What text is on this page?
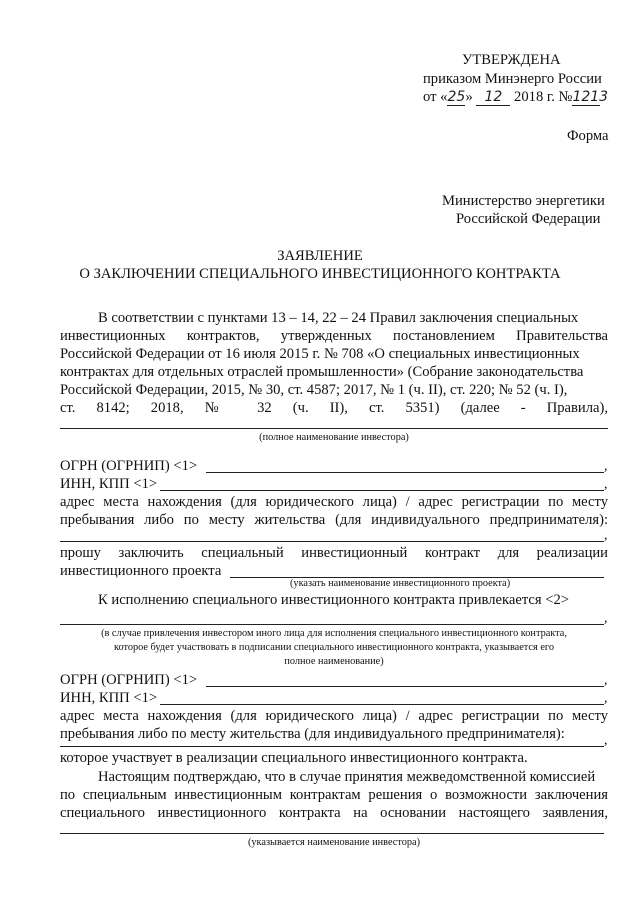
УТВЕРЖДЕНА
приказом Минэнерго России
от «25» 12 2018 г. №1213
Форма
Министерство энергетики
Российской Федерации
ЗАЯВЛЕНИЕ
О ЗАКЛЮЧЕНИИ СПЕЦИАЛЬНОГО ИНВЕСТИЦИОННОГО КОНТРАКТА
В соответствии с пунктами 13 – 14, 22 – 24 Правил заключения специальных
инвестиционных контрактов, утвержденных постановлением Правительства
Российской Федерации от 16 июля 2015 г. № 708 «О специальных инвестиционных
контрактах для отдельных отраслей промышленности» (Собрание законодательства
Российской Федерации, 2015, № 30, ст. 4587; 2017, № 1 (ч. II), ст. 220; № 52 (ч. I),
ст. 8142; 2018, № 32 (ч. II), ст. 5351) (далее - Правила),
(полное наименование инвестора)
ОГРН (ОГРНИП) <1>	,
ИНН, КПП <1>	,
адрес места нахождения (для юридического лица) / адрес регистрации по месту
пребывания либо по месту жительства (для индивидуального предпринимателя):
,
прошу заключить специальный инвестиционный контракт для реализации
инвестиционного проекта
(указать наименование инвестиционного проекта)
К исполнению специального инвестиционного контракта привлекается <2>
,
(в случае привлечения инвестором иного лица для исполнения специального инвестиционного контракта,
которое будет участвовать в подписании специального инвестиционного контракта, указывается его
полное наименование)
ОГРН (ОГРНИП) <1>	,
ИНН, КПП <1>	,
адрес места нахождения (для юридического лица) / адрес регистрации по месту
пребывания либо по месту жительства (для индивидуального предпринимателя):	,
которое участвует в реализации специального инвестиционного контракта.
Настоящим подтверждаю, что в случае принятия межведомственной комиссией
по специальным инвестиционным контрактам решения о возможности заключения
специального инвестиционного контракта на основании настоящего заявления,
(указывается наименование инвестора)
